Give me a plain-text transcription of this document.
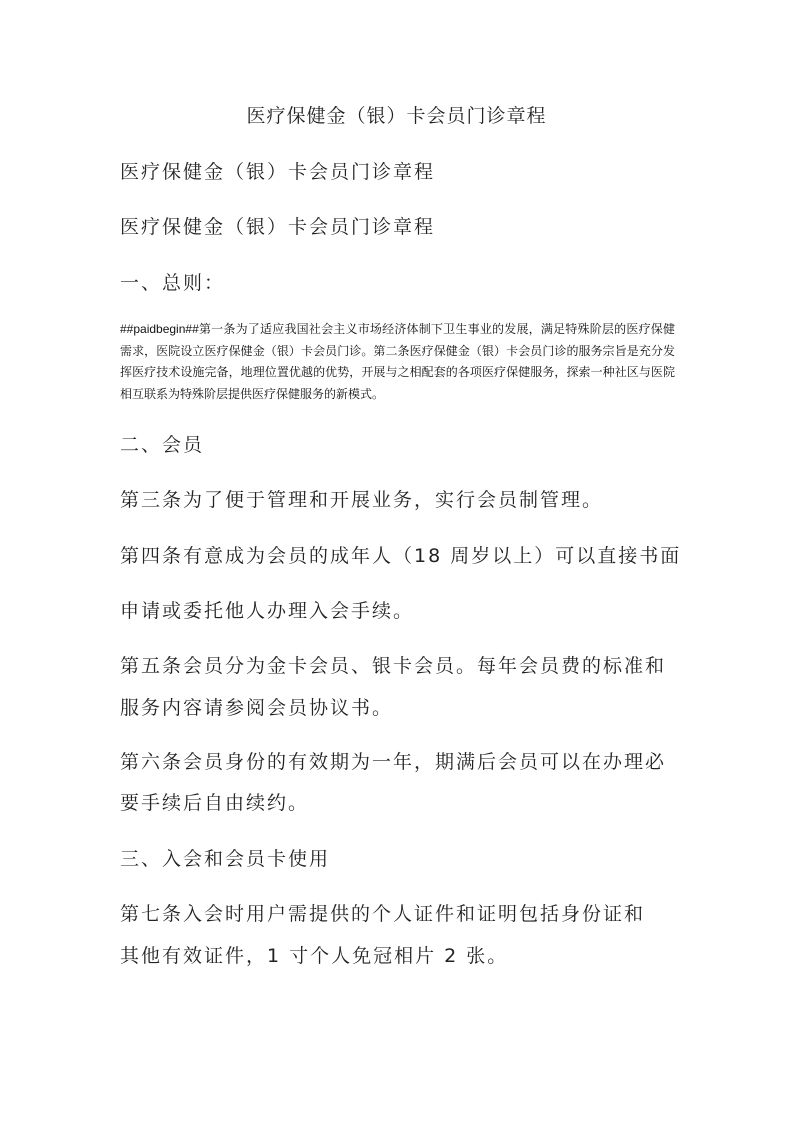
医疗保健金（银）卡会员门诊章程
医疗保健金（银）卡会员门诊章程
医疗保健金（银）卡会员门诊章程
一、总则：
##paidbegin##第一条为了适应我国社会主义市场经济体制下卫生事业的发展，满足特殊阶层的医疗保健需求，医院设立医疗保健金（银）卡会员门诊。第二条医疗保健金（银）卡会员门诊的服务宗旨是充分发挥医疗技术设施完备，地理位置优越的优势，开展与之相配套的各项医疗保健服务，探索一种社区与医院相互联系为特殊阶层提供医疗保健服务的新模式。
二、会员
第三条为了便于管理和开展业务，实行会员制管理。
第四条有意成为会员的成年人（18 周岁以上）可以直接书面
申请或委托他人办理入会手续。
第五条会员分为金卡会员、银卡会员。每年会员费的标准和
服务内容请参阅会员协议书。
第六条会员身份的有效期为一年，期满后会员可以在办理必
要手续后自由续约。
三、入会和会员卡使用
第七条入会时用户需提供的个人证件和证明包括身份证和
其他有效证件，1 寸个人免冠相片 2 张。
